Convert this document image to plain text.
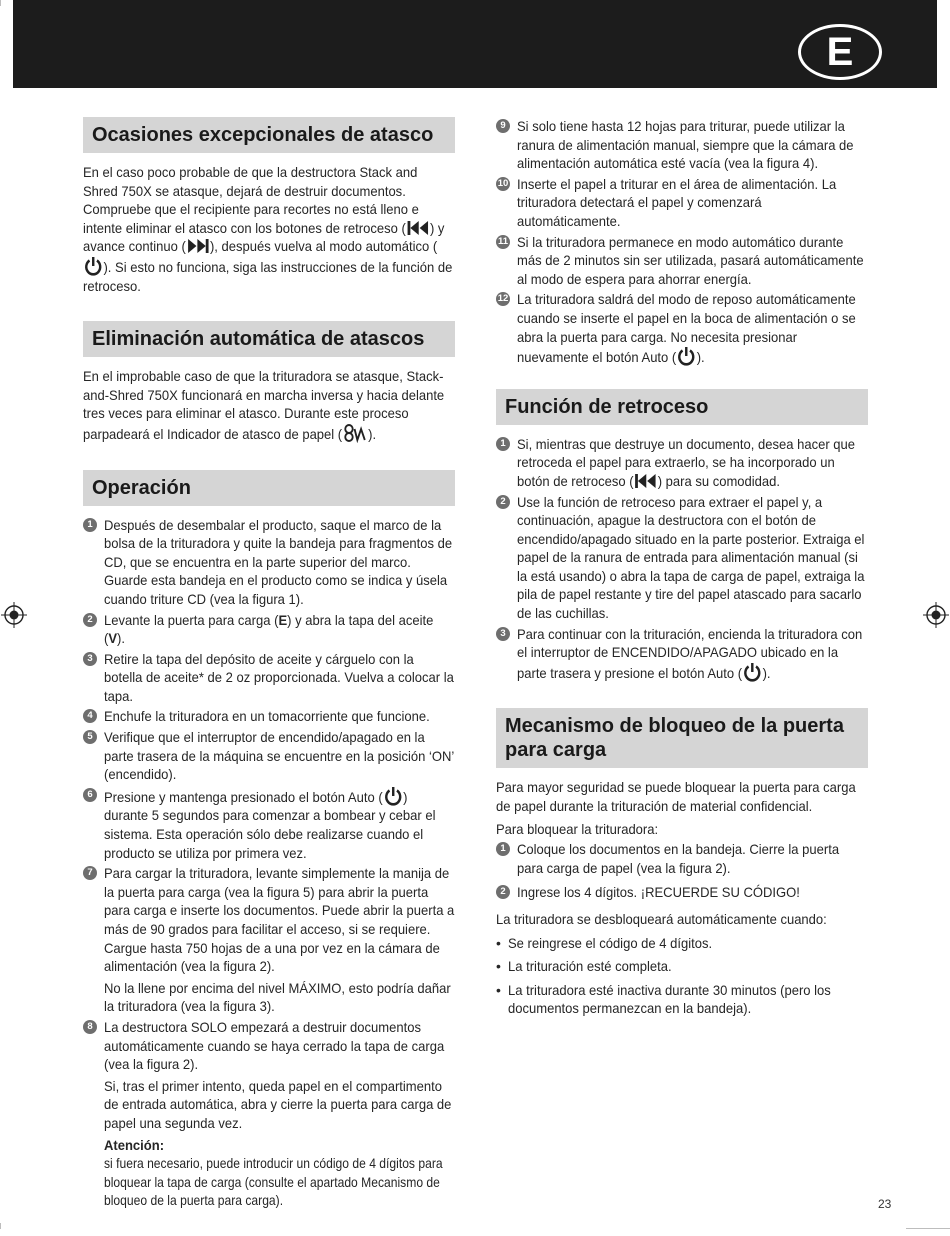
E
Ocasiones excepcionales de atasco

En el caso poco probable de que la destructora Stack and Shred 750X se atasque, dejará de destruir documentos. Compruebe que el recipiente para recortes no está lleno e intente eliminar el atasco con los botones de retroceso ( ) y avance continuo ( ), después vuelva al modo automático (). Si esto no funciona, siga las instrucciones de la función de retroceso.

Eliminación automática de atascos

En el improbable caso de que la trituradora se atasque, Stack-and-Shred 750X funcionará en marcha inversa y hacia delante tres veces para eliminar el atasco. Durante este proceso parpadeará el Indicador de atasco de papel ( ).

Operación
1 Después de desembalar el producto, saque el marco de la bolsa de la trituradora y quite la bandeja para fragmentos de CD, que se encuentra en la parte superior del marco. Guarde esta bandeja en el producto como se indica y úsela cuando triture CD (vea la figura 1).
2 Levante la puerta para carga (E) y abra la tapa del aceite (V).
3 Retire la tapa del depósito de aceite y cárguelo con la botella de aceite* de 2 oz proporcionada. Vuelva a colocar la tapa.
4 Enchufe la trituradora en un tomacorriente que funcione.
5 Verifique que el interruptor de encendido/apagado en la parte trasera de la máquina se encuentre en la posición ‘ON’ (encendido).
6 Presione y mantenga presionado el botón Auto ( ) durante 5 segundos para comenzar a bombear y cebar el sistema. Esta operación sólo debe realizarse cuando el producto se utiliza por primera vez.
7 Para cargar la trituradora, levante simplemente la manija de la puerta para carga (vea la figura 5) para abrir la puerta para carga e inserte los documentos. Puede abrir la puerta a más de 90 grados para facilitar el acceso, si se requiere. Cargue hasta 750 hojas de a una por vez en la cámara de alimentación (vea la figura 2).
No la llene por encima del nivel MÁXIMO, esto podría dañar la trituradora (vea la figura 3).
8 La destructora SOLO empezará a destruir documentos automáticamente cuando se haya cerrado la tapa de carga (vea la figura 2).
Si, tras el primer intento, queda papel en el compartimento de entrada automática, abra y cierre la puerta para carga de papel una segunda vez.
Atención:
si fuera necesario, puede introducir un código de 4 dígitos para bloquear la tapa de carga (consulte el apartado Mecanismo de bloqueo de la puerta para carga).
9 Si solo tiene hasta 12 hojas para triturar, puede utilizar la ranura de alimentación manual, siempre que la cámara de alimentación automática esté vacía (vea la figura 4).
10 Inserte el papel a triturar en el área de alimentación. La trituradora detectará el papel y comenzará automáticamente.
11 Si la trituradora permanece en modo automático durante más de 2 minutos sin ser utilizada, pasará automáticamente al modo de espera para ahorrar energía.
12 La trituradora saldrá del modo de reposo automáticamente cuando se inserte el papel en la boca de alimentación o se abra la puerta para carga. No necesita presionar nuevamente el botón Auto ( ).
Función de retroceso
1 Si, mientras que destruye un documento, desea hacer que retroceda el papel para extraerlo, se ha incorporado un botón de retroceso ( ) para su comodidad.
2 Use la función de retroceso para extraer el papel y, a continuación, apague la destructora con el botón de encendido/apagado situado en la parte posterior. Extraiga el papel de la ranura de entrada para alimentación manual (si la está usando) o abra la tapa de carga de papel, extraiga la pila de papel restante y tire del papel atascado para sacarlo de las cuchillas.
3 Para continuar con la trituración, encienda la trituradora con el interruptor de ENCENDIDO/APAGADO ubicado en la parte trasera y presione el botón Auto ( ).
Mecanismo de bloqueo de la puerta para carga

Para mayor seguridad se puede bloquear la puerta para carga de papel durante la trituración de material confidencial.

Para bloquear la trituradora:

1 Coloque los documentos en la bandeja. Cierre la puerta para carga de papel (vea la figura 2).
2 Ingrese los 4 dígitos. ¡RECUERDE SU CÓDIGO!

La trituradora se desbloqueará automáticamente cuando:

• Se reingrese el código de 4 dígitos.
• La trituración esté completa.
• La trituradora esté inactiva durante 30 minutos (pero los documentos permanezcan en la bandeja).
23
